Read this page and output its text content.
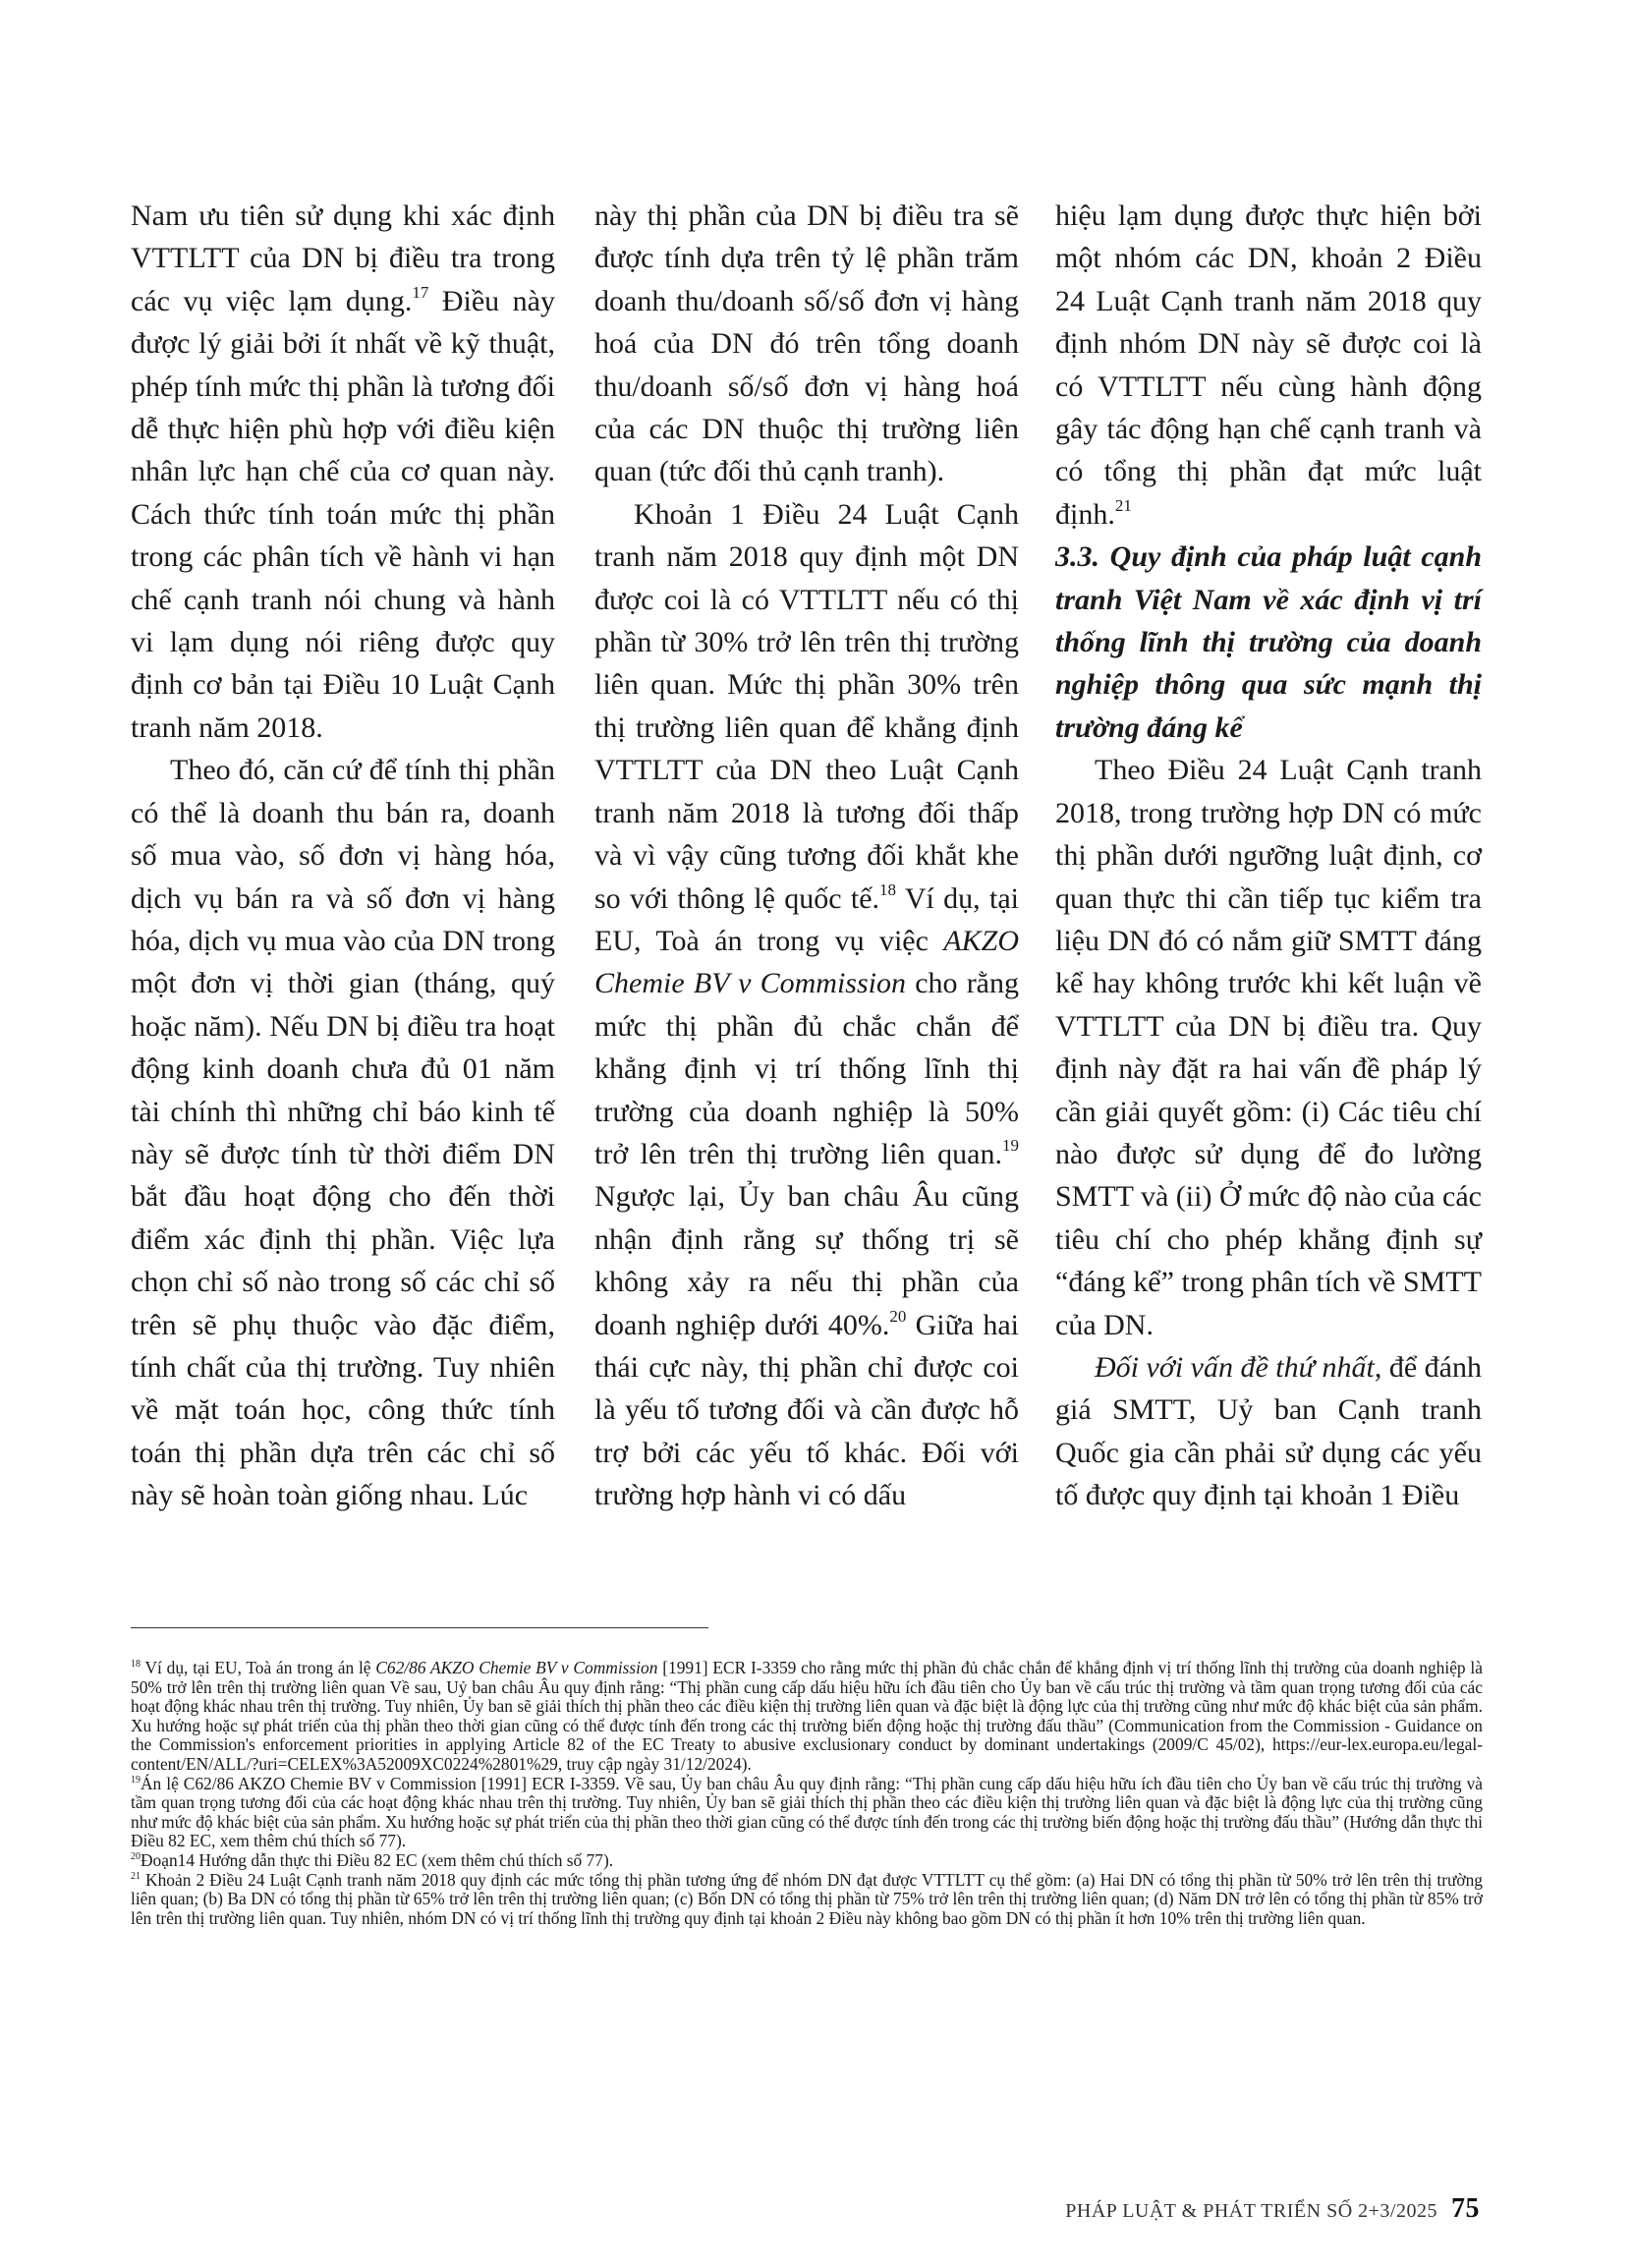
Nam ưu tiên sử dụng khi xác định VTTLTT của DN bị điều tra trong các vụ việc lạm dụng.$^{17}$ Điều này được lý giải bởi ít nhất về kỹ thuật, phép tính mức thị phần là tương đối dễ thực hiện phù hợp với điều kiện nhân lực hạn chế của cơ quan này. Cách thức tính toán mức thị phần trong các phân tích về hành vi hạn chế cạnh tranh nói chung và hành vi lạm dụng nói riêng được quy định cơ bản tại Điều 10 Luật Cạnh tranh năm 2018.

Theo đó, căn cứ để tính thị phần có thể là doanh thu bán ra, doanh số mua vào, số đơn vị hàng hóa, dịch vụ bán ra và số đơn vị hàng hóa, dịch vụ mua vào của DN trong một đơn vị thời gian (tháng, quý hoặc năm). Nếu DN bị điều tra hoạt động kinh doanh chưa đủ 01 năm tài chính thì những chỉ báo kinh tế này sẽ được tính từ thời điểm DN bắt đầu hoạt động cho đến thời điểm xác định thị phần. Việc lựa chọn chỉ số nào trong số các chỉ số trên sẽ phụ thuộc vào đặc điểm, tính chất của thị trường. Tuy nhiên về mặt toán học, công thức tính toán thị phần dựa trên các chỉ số này sẽ hoàn toàn giống nhau. Lúc

này thị phần của DN bị điều tra sẽ được tính dựa trên tỷ lệ phần trăm doanh thu/doanh số/số đơn vị hàng hoá của DN đó trên tổng doanh thu/doanh số/số đơn vị hàng hoá của các DN thuộc thị trường liên quan (tức đối thủ cạnh tranh).

Khoản 1 Điều 24 Luật Cạnh tranh năm 2018 quy định một DN được coi là có VTTLTT nếu có thị phần từ 30% trở lên trên thị trường liên quan. Mức thị phần 30% trên thị trường liên quan để khẳng định VTTLTT của DN theo Luật Cạnh tranh năm 2018 là tương đối thấp và vì vậy cũng tương đối khắt khe so với thông lệ quốc tế.$^{18}$ Ví dụ, tại EU, Toà án trong vụ việc AKZO Chemie BV v Commission cho rằng mức thị phần đủ chắc chắn để khẳng định vị trí thống lĩnh thị trường của doanh nghiệp là 50% trở lên trên thị trường liên quan.$^{19}$ Ngược lại, Ủy ban châu Âu cũng nhận định rằng sự thống trị sẽ không xảy ra nếu thị phần của doanh nghiệp dưới 40%.$^{20}$ Giữa hai thái cực này, thị phần chỉ được coi là yếu tố tương đối và cần được hỗ trợ bởi các yếu tố khác. Đối với trường hợp hành vi có dấu

hiệu lạm dụng được thực hiện bởi một nhóm các DN, khoản 2 Điều 24 Luật Cạnh tranh năm 2018 quy định nhóm DN này sẽ được coi là có VTTLTT nếu cùng hành động gây tác động hạn chế cạnh tranh và có tổng thị phần đạt mức luật định.$^{21}$

3.3. Quy định của pháp luật cạnh tranh Việt Nam về xác định vị trí thống lĩnh thị trường của doanh nghiệp thông qua sức mạnh thị trường đáng kể

Theo Điều 24 Luật Cạnh tranh 2018, trong trường hợp DN có mức thị phần dưới ngưỡng luật định, cơ quan thực thi cần tiếp tục kiểm tra liệu DN đó có nắm giữ SMTT đáng kể hay không trước khi kết luận về VTTLTT của DN bị điều tra. Quy định này đặt ra hai vấn đề pháp lý cần giải quyết gồm: (i) Các tiêu chí nào được sử dụng để đo lường SMTT và (ii) Ở mức độ nào của các tiêu chí cho phép khẳng định sự “đáng kể” trong phân tích về SMTT của DN.

Đối với vấn đề thứ nhất, để đánh giá SMTT, Uỷ ban Cạnh tranh Quốc gia cần phải sử dụng các yếu tố được quy định tại khoản 1 Điều

$^{18}$ Ví dụ, tại EU, Toà án trong án lệ C62/86 AKZO Chemie BV v Commission [1991] ECR I-3359 cho rằng mức thị phần đủ chắc chắn để khẳng định vị trí thống lĩnh thị trường của doanh nghiệp là 50% trở lên trên thị trường liên quan Về sau, Uỷ ban châu Âu quy định rằng: “Thị phần cung cấp dấu hiệu hữu ích đầu tiên cho Ủy ban về cấu trúc thị trường và tầm quan trọng tương đối của các hoạt động khác nhau trên thị trường. Tuy nhiên, Ủy ban sẽ giải thích thị phần theo các điều kiện thị trường liên quan và đặc biệt là động lực của thị trường cũng như mức độ khác biệt của sản phẩm. Xu hướng hoặc sự phát triển của thị phần theo thời gian cũng có thể được tính đến trong các thị trường biến động hoặc thị trường đấu thầu” (Communication from the Commission - Guidance on the Commission's enforcement priorities in applying Article 82 of the EC Treaty to abusive exclusionary conduct by dominant undertakings (2009/C 45/02), https://eur-lex.europa.eu/legal-content/EN/ALL/?uri=CELEX%3A52009XC0224%2801%29, truy cập ngày 31/12/2024).

$^{19}$Án lệ C62/86 AKZO Chemie BV v Commission [1991] ECR I-3359. Về sau, Ủy ban châu Âu quy định rằng: “Thị phần cung cấp dấu hiệu hữu ích đầu tiên cho Ủy ban về cấu trúc thị trường và tầm quan trọng tương đối của các hoạt động khác nhau trên thị trường. Tuy nhiên, Ủy ban sẽ giải thích thị phần theo các điều kiện thị trường liên quan và đặc biệt là động lực của thị trường cũng như mức độ khác biệt của sản phẩm. Xu hướng hoặc sự phát triển của thị phần theo thời gian cũng có thể được tính đến trong các thị trường biến động hoặc thị trường đấu thầu” (Hướng dẫn thực thi Điều 82 EC, xem thêm chú thích số 77).

$^{20}$Đoạn14 Hướng dẫn thực thi Điều 82 EC (xem thêm chú thích số 77).

$^{21}$ Khoản 2 Điều 24 Luật Cạnh tranh năm 2018 quy định các mức tổng thị phần tương ứng để nhóm DN đạt được VTTLTT cụ thể gồm: (a) Hai DN có tổng thị phần từ 50% trở lên trên thị trường liên quan; (b) Ba DN có tổng thị phần từ 65% trở lên trên thị trường liên quan; (c) Bốn DN có tổng thị phần từ 75% trở lên trên thị trường liên quan; (d) Năm DN trở lên có tổng thị phần từ 85% trở lên trên thị trường liên quan. Tuy nhiên, nhóm DN có vị trí thống lĩnh thị trường quy định tại khoản 2 Điều này không bao gồm DN có thị phần ít hơn 10% trên thị trường liên quan.

PHÁP LUẬT & PHÁT TRIỂN SỐ 2+3/2025 75
